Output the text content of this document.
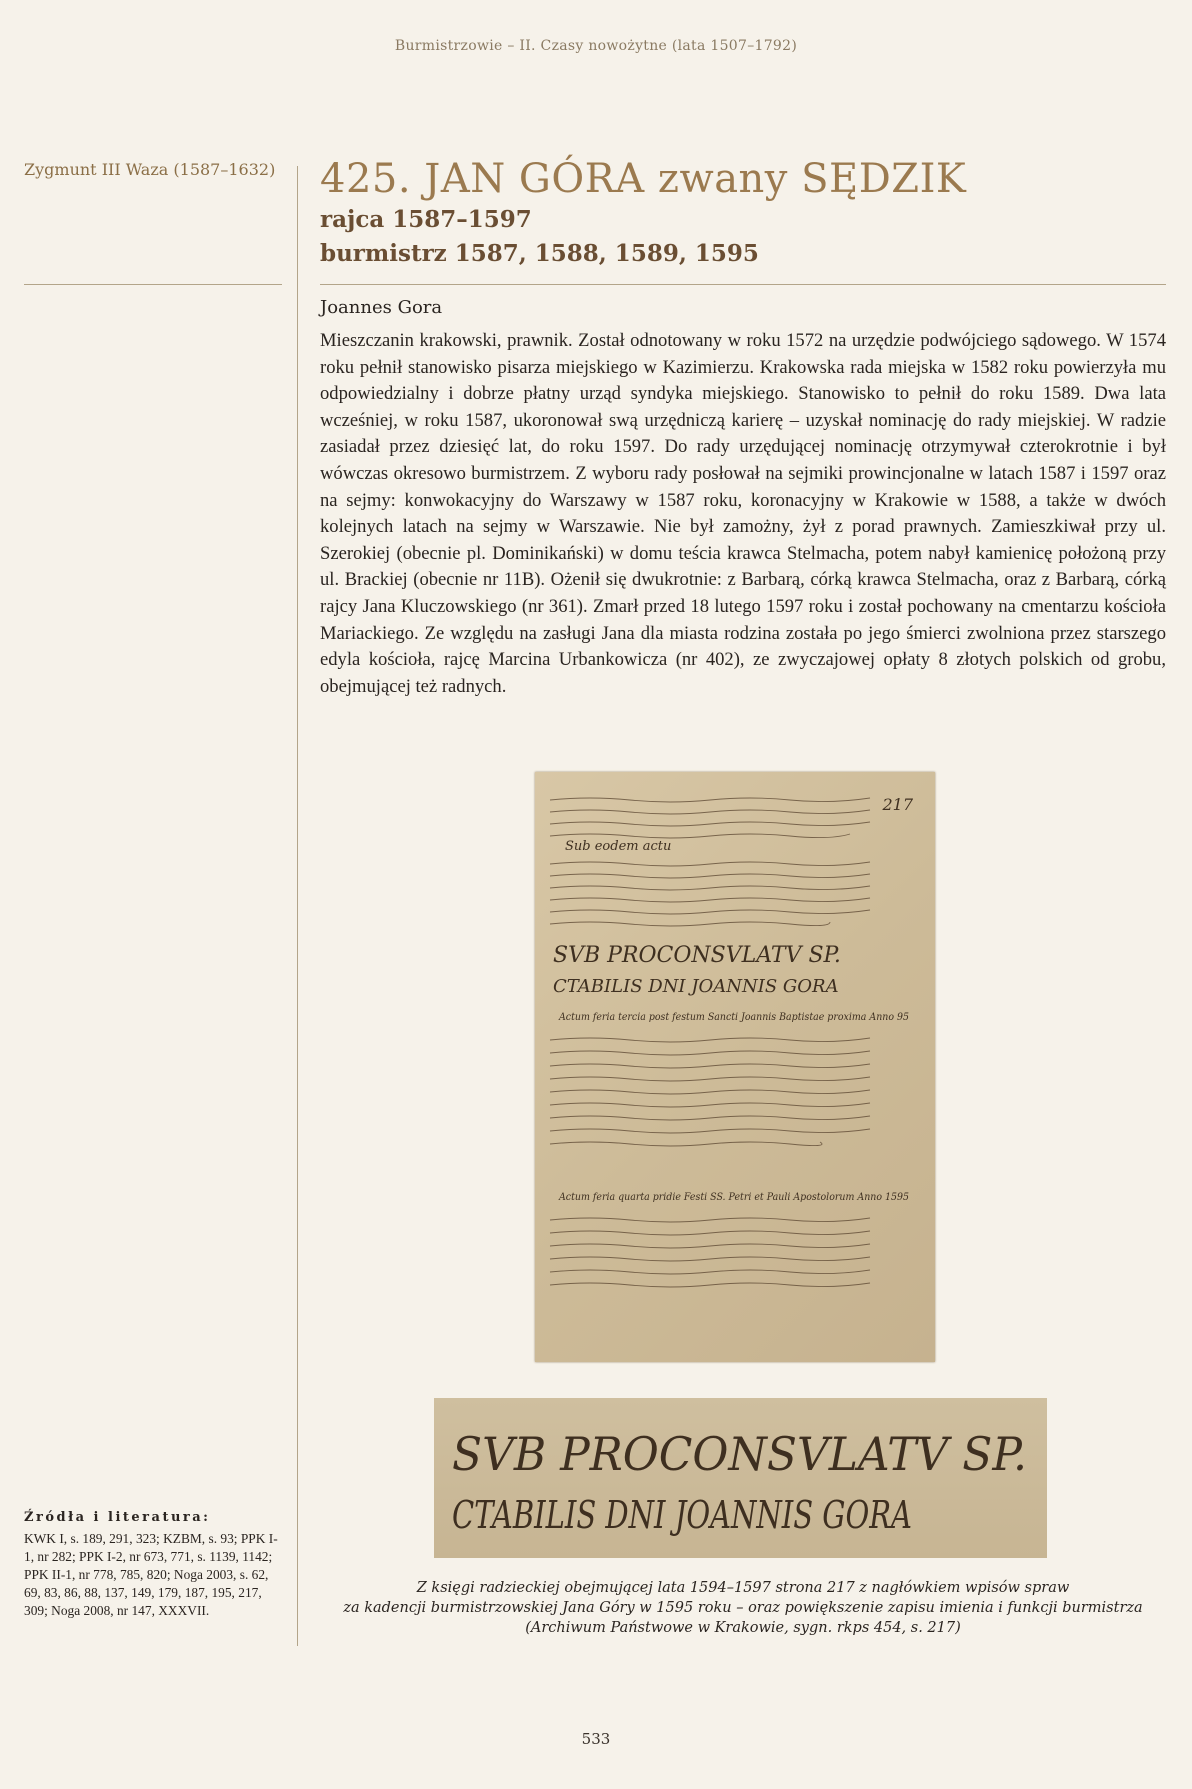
Burmistrzowie – II. Czasy nowożytne (lata 1507–1792)
Zygmunt III Waza (1587–1632) 425. JAN GÓRA zwany SĘDZIK
rajca 1587–1597
burmistrz 1587, 1588, 1589, 1595
Joannes Gora
Mieszczanin krakowski, prawnik. Został odnotowany w roku 1572 na urzędzie podwójciego sądowego. W 1574 roku pełnił stanowisko pisarza miejskiego w Kazimierzu. Krakowska rada miejska w 1582 roku powierzyła mu odpowiedzialny i dobrze płatny urząd syndyka miejskiego. Stanowisko to pełnił do roku 1589. Dwa lata wcześniej, w roku 1587, ukoronował swą urzędniczą karierę – uzyskał nominację do rady miejskiej. W radzie zasiadał przez dziesięć lat, do roku 1597. Do rady urzędującej nominację otrzymywał czterokrotnie i był wówczas okresowo burmistrzem. Z wyboru rady posłował na sejmiki prowincjonalne w latach 1587 i 1597 oraz na sejmy: konwokacyjny do Warszawy w 1587 roku, koronacyjny w Krakowie w 1588, a także w dwóch kolejnych latach na sejmy w Warszawie. Nie był zamożny, żył z porad prawnych. Zamieszkiwał przy ul. Szerokiej (obecnie pl. Dominikański) w domu teścia krawca Stelmacha, potem nabył kamienicę położoną przy ul. Brackiej (obecnie nr 11B). Ożenił się dwukrotnie: z Barbarą, córką krawca Stelmacha, oraz z Barbarą, córką rajcy Jana Kluczowskiego (nr 361). Zmarł przed 18 lutego 1597 roku i został pochowany na cmentarzu kościoła Mariackiego. Ze względu na zasługi Jana dla miasta rodzina została po jego śmierci zwolniona przez starszego edyla kościoła, rajcę Marcina Urbankowicza (nr 402), ze zwyczajowej opłaty 8 złotych polskich od grobu, obejmującej też radnych.
217
Sub eodem actu
SVB PROCONSVLATV SP.
CTABILIS DNI JOANNIS GORA
Actum feria tercia post festum Sancti Joannis Baptistae proxima Anno 95
Actum feria quarta pridie Festi SS. Petri et Pauli Apostolorum Anno 1595
SVB PROCONSVLATV SP.
CTABILIS DNI JOANNIS GORA
Z księgi radzieckiej obejmującej lata 1594–1597 strona 217 z nagłówkiem wpisów spraw
za kadencji burmistrzowskiej Jana Góry w 1595 roku – oraz powiększenie zapisu imienia i funkcji burmistrza
(Archiwum Państwowe w Krakowie, sygn. rkps 454, s. 217)
Źródła i literatura:
KWK I, s. 189, 291, 323; KZBM, s. 93; PPK I-1, nr 282; PPK I-2, nr 673, 771, s. 1139, 1142; PPK II-1, nr 778, 785, 820; Noga 2003, s. 62, 69, 83, 86, 88, 137, 149, 179, 187, 195, 217, 309; Noga 2008, nr 147, XXXVII.
533
